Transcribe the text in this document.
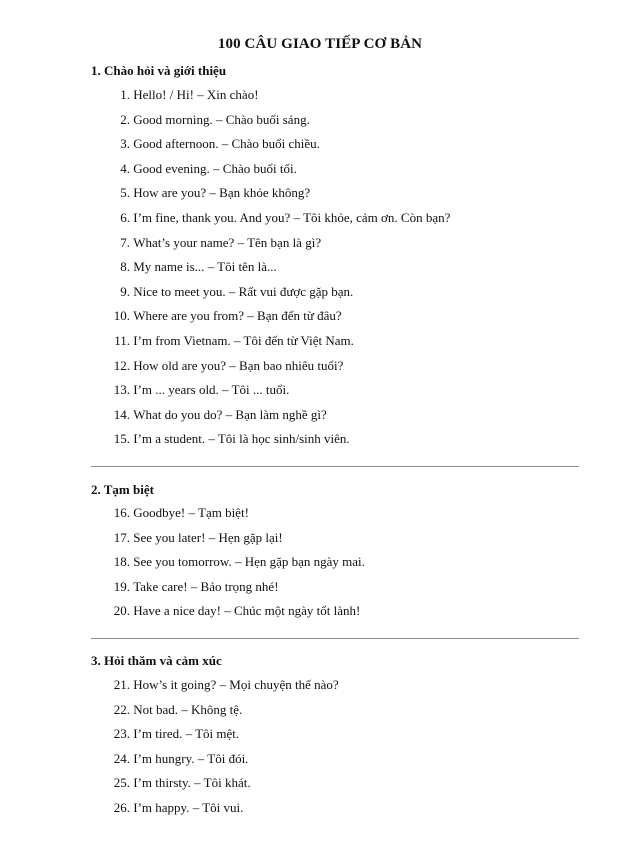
100 CÂU GIAO TIẾP CƠ BẢN
1. Chào hỏi và giới thiệu
1. Hello! / Hi! – Xin chào!
2. Good morning. – Chào buổi sáng.
3. Good afternoon. – Chào buổi chiều.
4. Good evening. – Chào buổi tối.
5. How are you? – Bạn khỏe không?
6. I’m fine, thank you. And you? – Tôi khỏe, cảm ơn. Còn bạn?
7. What’s your name? – Tên bạn là gì?
8. My name is... – Tôi tên là...
9. Nice to meet you. – Rất vui được gặp bạn.
10. Where are you from? – Bạn đến từ đâu?
11. I’m from Vietnam. – Tôi đến từ Việt Nam.
12. How old are you? – Bạn bao nhiêu tuổi?
13. I’m ... years old. – Tôi ... tuổi.
14. What do you do? – Bạn làm nghề gì?
15. I’m a student. – Tôi là học sinh/sinh viên.
2. Tạm biệt
16. Goodbye! – Tạm biệt!
17. See you later! – Hẹn gặp lại!
18. See you tomorrow. – Hẹn gặp bạn ngày mai.
19. Take care! – Bảo trọng nhé!
20. Have a nice day! – Chúc một ngày tốt lành!
3. Hỏi thăm và cảm xúc
21. How’s it going? – Mọi chuyện thế nào?
22. Not bad. – Không tệ.
23. I’m tired. – Tôi mệt.
24. I’m hungry. – Tôi đói.
25. I’m thirsty. – Tôi khát.
26. I’m happy. – Tôi vui.
